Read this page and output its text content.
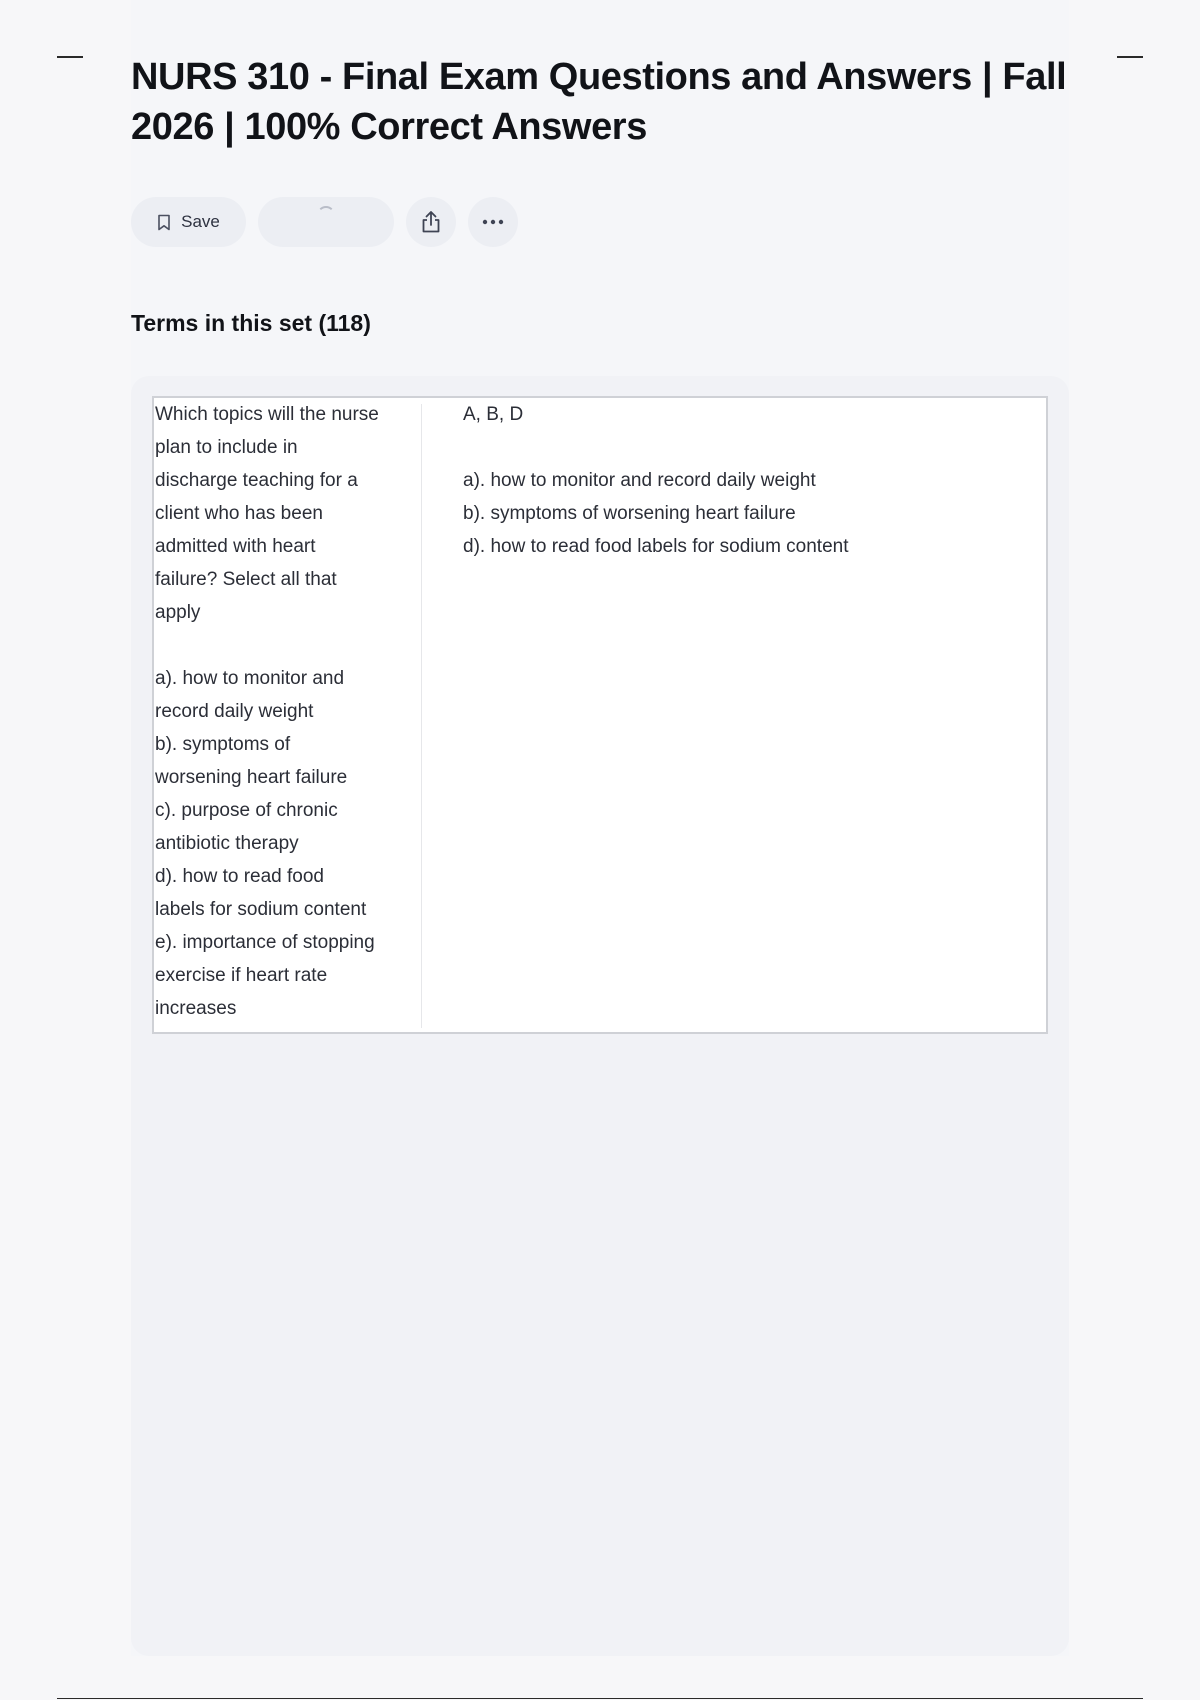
NURS 310 - Final Exam Questions and Answers | Fall 2026 | 100% Correct Answers
Save
Terms in this set (118)

Which topics will the nurse

plan to include in

discharge teaching for a

client who has been

admitted with heart

failure? Select all that

apply

a). how to monitor and

record daily weight

b). symptoms of

worsening heart failure

c). purpose of chronic

antibiotic therapy

d). how to read food

labels for sodium content

e). importance of stopping

exercise if heart rate

increases

A, B, D

a). how to monitor and record daily weight

b). symptoms of worsening heart failure

d). how to read food labels for sodium content
